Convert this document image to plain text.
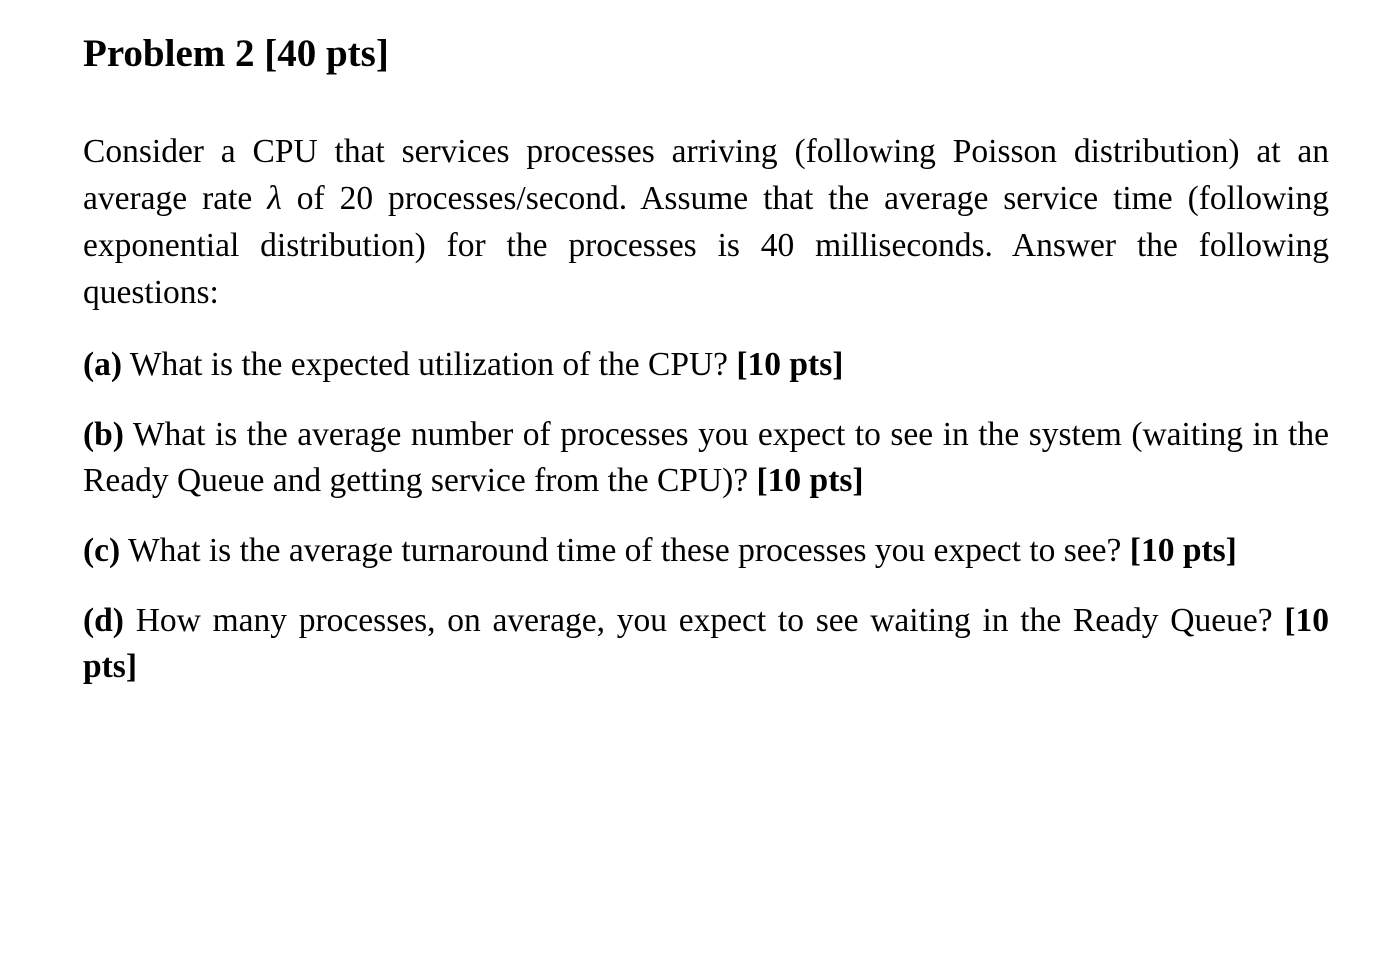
Problem 2 [40 pts]

Consider a CPU that services processes arriving (following Poisson distribution) at an average rate λ of 20 processes/second. Assume that the average service time (following exponential distribution) for the processes is 40 milliseconds. Answer the following questions:

(a) What is the expected utilization of the CPU? [10 pts]

(b) What is the average number of processes you expect to see in the system (waiting in the Ready Queue and getting service from the CPU)? [10 pts]

(c) What is the average turnaround time of these processes you expect to see? [10 pts]

(d) How many processes, on average, you expect to see waiting in the Ready Queue? [10 pts]
